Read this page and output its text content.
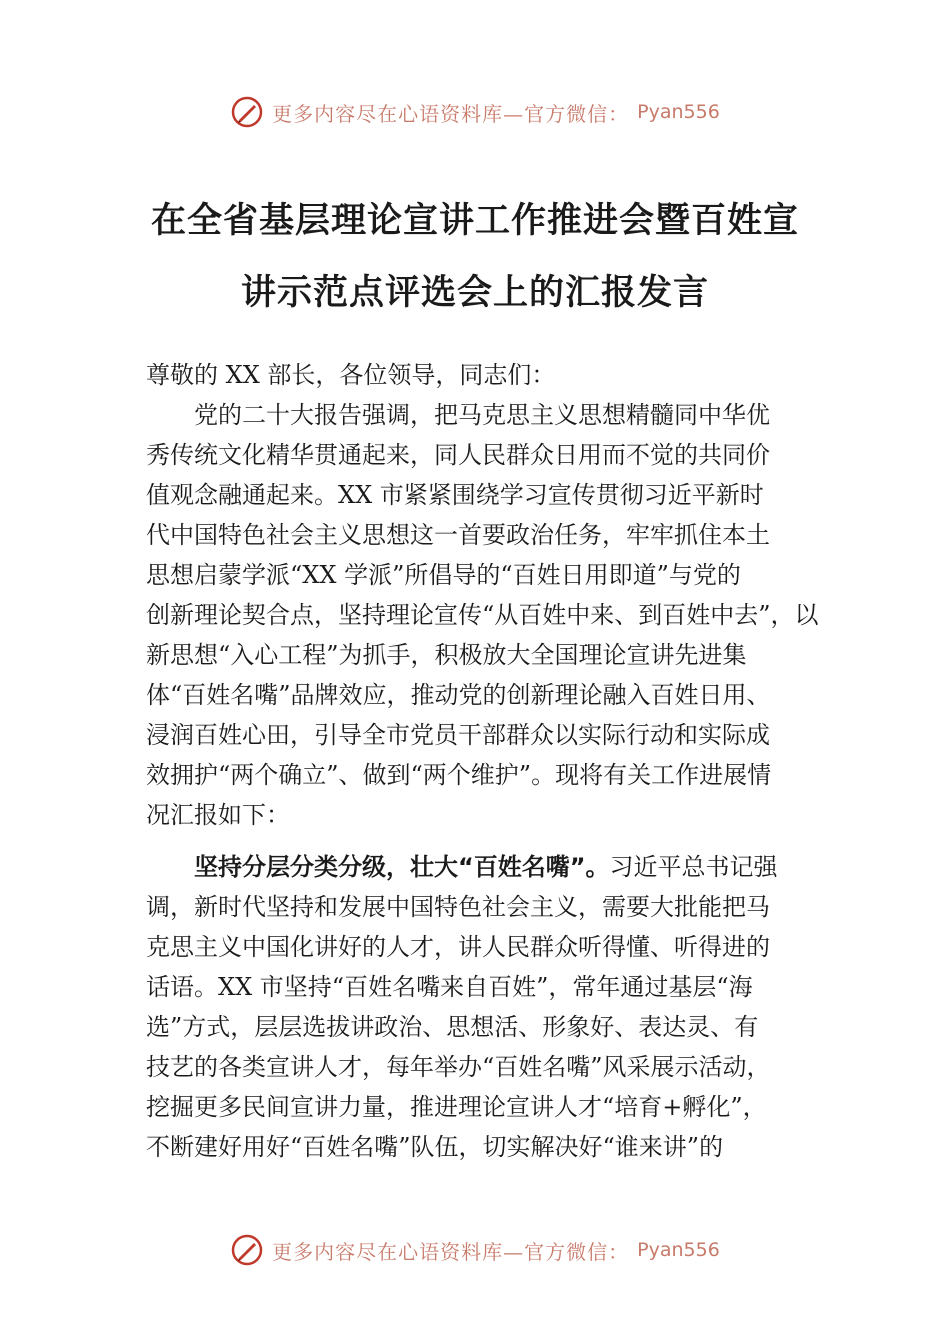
更多内容尽在心语资料库—官方微信： Pyan556
在全省基层理论宣讲工作推进会暨百姓宣
讲示范点评选会上的汇报发言
尊敬的 XX 部长，各位领导，同志们：
党的二十大报告强调，把马克思主义思想精髓同中华优
秀传统文化精华贯通起来，同人民群众日用而不觉的共同价
值观念融通起来。XX 市紧紧围绕学习宣传贯彻习近平新时
代中国特色社会主义思想这一首要政治任务，牢牢抓住本土
思想启蒙学派“XX 学派”所倡导的“百姓日用即道”与党的
创新理论契合点，坚持理论宣传“从百姓中来、到百姓中去”，以
新思想“入心工程”为抓手，积极放大全国理论宣讲先进集
体“百姓名嘴”品牌效应，推动党的创新理论融入百姓日用、
浸润百姓心田，引导全市党员干部群众以实际行动和实际成
效拥护“两个确立”、做到“两个维护”。现将有关工作进展情
况汇报如下：
坚持分层分类分级，壮大“百姓名嘴”。习近平总书记强
调，新时代坚持和发展中国特色社会主义，需要大批能把马
克思主义中国化讲好的人才，讲人民群众听得懂、听得进的
话语。XX 市坚持“百姓名嘴来自百姓”，常年通过基层“海
选”方式，层层选拔讲政治、思想活、形象好、表达灵、有
技艺的各类宣讲人才，每年举办“百姓名嘴”风采展示活动，
挖掘更多民间宣讲力量，推进理论宣讲人才“培育+孵化”，
不断建好用好“百姓名嘴”队伍，切实解决好“谁来讲”的
更多内容尽在心语资料库—官方微信： Pyan556
